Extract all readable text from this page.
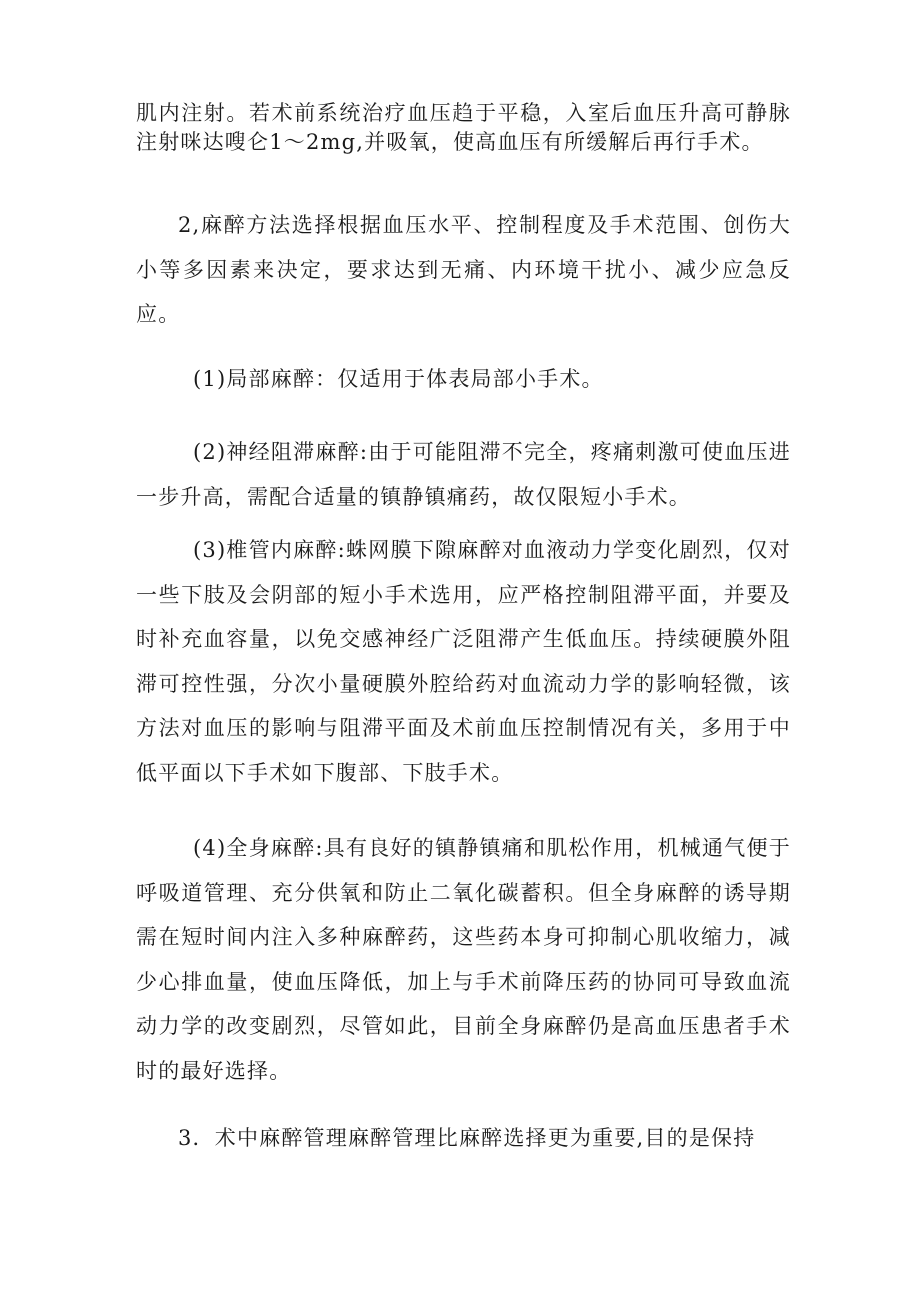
肌内注射。若术前系统治疗血压趋于平稳，入室后血压升高可静脉注射咪达嗖仑1～2mg,并吸氧，使高血压有所缓解后再行手术。

2,麻醉方法选择根据血压水平、控制程度及手术范围、创伤大小等多因素来决定，要求达到无痛、内环境干扰小、减少应急反应。

(1)局部麻醉：仅适用于体表局部小手术。

(2)神经阻滞麻醉:由于可能阻滞不完全，疼痛刺激可使血压进一步升高，需配合适量的镇静镇痛药，故仅限短小手术。

(3)椎管内麻醉:蛛网膜下隙麻醉对血液动力学变化剧烈，仅对一些下肢及会阴部的短小手术选用，应严格控制阻滞平面，并要及时补充血容量，以免交感神经广泛阻滞产生低血压。持续硬膜外阻滞可控性强，分次小量硬膜外腔给药对血流动力学的影响轻微，该方法对血压的影响与阻滞平面及术前血压控制情况有关，多用于中低平面以下手术如下腹部、下肢手术。

(4)全身麻醉:具有良好的镇静镇痛和肌松作用，机械通气便于呼吸道管理、充分供氧和防止二氧化碳蓄积。但全身麻醉的诱导期需在短时间内注入多种麻醉药，这些药本身可抑制心肌收缩力，减少心排血量，使血压降低，加上与手术前降压药的协同可导致血流动力学的改变剧烈，尽管如此，目前全身麻醉仍是高血压患者手术时的最好选择。

3．术中麻醉管理麻醉管理比麻醉选择更为重要,目的是保持
